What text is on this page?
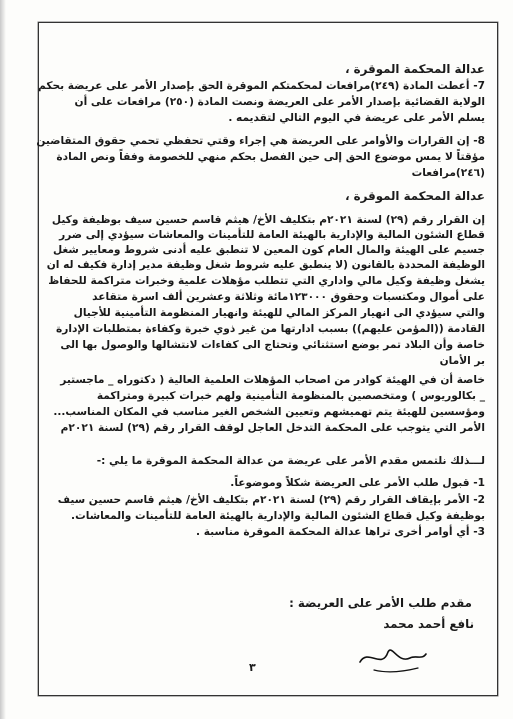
عدالة المحكمة الموقرة ،
7- أعطت المادة (٢٤٩)مرافعات لمحكمتكم الموقرة الحق بإصدار الأمر على عريضة بحكم
الولاية القضائية بإصدار الأمر على العريضة ونصت المادة (٢٥٠) مرافعات على أن
يسلم الأمر على عريضة في اليوم التالي لتقديمه .
8- إن القرارات والأوامر على العريضة هي إجراء وقتي تحفظي تحمي حقوق المتقاضين
مؤقتاً لا يمس موضوع الحق إلى حين الفصل بحكم منهي للخصومة وفقاً ونص المادة
(٢٤٦)مرافعات
عدالة المحكمة الموقرة ،
إن القرار رقم (٢٩) لسنة ٢٠٢١م بتكليف الأخ/ هيثم قاسم حسين سيف بوظيفة وكيل
قطاع الشئون المالية والإدارية بالهيئة العامة للتأمينات والمعاشات سيؤدي إلى ضرر
جسيم على الهيئة والمال العام كون المعين لا تنطبق عليه أدنى شروط ومعايير شغل
الوظيفة المحددة بالقانون (لا ينطبق عليه شروط شغل وظيفة مدير إدارة فكيف له ان
يشغل وظيفة وكيل مالي واداري التي تتطلب مؤهلات علمية وخبرات متراكمة للحفاظ
على أموال ومكتسبات وحقوق ١٢٣٠٠٠مائة وثلاثة وعشرين ألف اسرة متقاعد
والتي سيؤدي الى انهيار المركز المالي للهيئة وانهيار المنظومة التأمينية للأجيال
القادمة ((المؤمن عليهم)) بسبب ادارتها من غير ذوي خبرة وكفاءة بمتطلبات الإدارة
خاصة وأن البلاد تمر بوضع استثنائي وتحتاج الى كفاءات لانتشالها والوصول بها الى
بر الأمان
خاصة أن في الهيئة كوادر من اصحاب المؤهلات العلمية العالية ( دكتوراه _ ماجستير
_ بكالوريوس ) ومتخصصين بالمنظومة التأمينية ولهم خبرات كبيرة ومتراكمة
ومؤسسين للهيئة يتم تهميشهم وتعيين الشخص الغير مناسب في المكان المناسب...
الأمر التي يتوجب على المحكمة التدخل العاجل لوقف القرار رقم (٢٩) لسنة ٢٠٢١م
لـــذلك نلتمس مقدم الأمر على عريضة من عدالة المحكمة الموقرة ما يلي :-
1- قبول طلب الأمر على العريضة شكلاً وموضوعاً.
2- الأمر بإيقاف القرار رقم (٢٩) لسنة ٢٠٢١م بتكليف الأخ/ هيثم قاسم حسين سيف
بوظيفة وكيل قطاع الشئون المالية والإدارية بالهيئة العامة للتأمينات والمعاشات.
3- أي أوامر أخرى تراها عدالة المحكمة الموقرة مناسبة .
مقدم طلب الأمر على العريضة :
نافع أحمد محمد
٣
